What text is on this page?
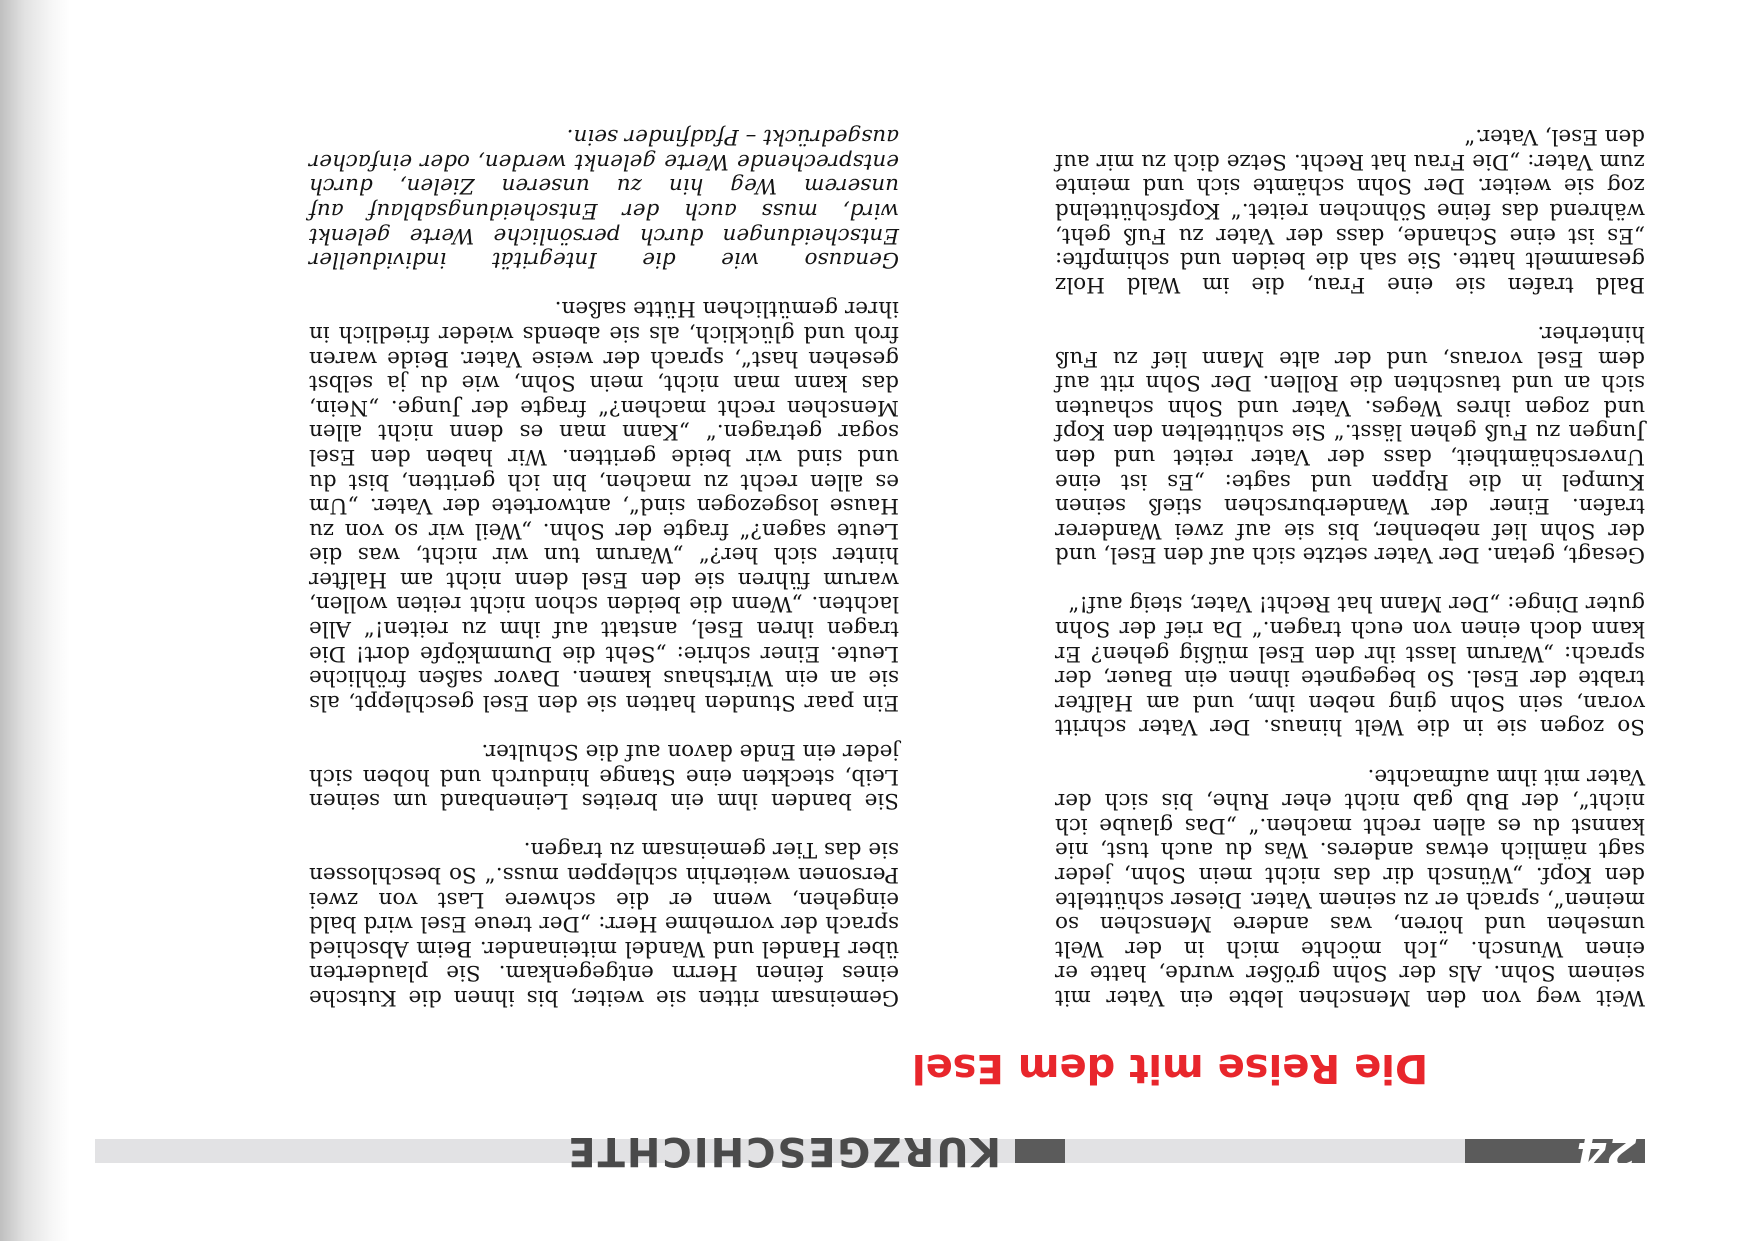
24
KURZGESCHICHTE
Die Reise mit dem Esel

Weit weg von den Menschen lebte ein Vater mit seinem Sohn. Als der Sohn größer wurde, hatte er einen Wunsch. „Ich möchte mich in der Welt umsehen und hören, was andere Menschen so meinen“, sprach er zu seinem Vater. Dieser schüttelte den Kopf. „Wünsch dir das nicht mein Sohn, jeder sagt nämlich etwas anderes. Was du auch tust, nie kannst du es allen recht machen.“ „Das glaube ich nicht“, der Bub gab nicht eher Ruhe, bis sich der Vater mit ihm aufmachte.

So zogen sie in die Welt hinaus. Der Vater schritt voran, sein Sohn ging neben ihm, und am Halfter trabte der Esel. So begegnete ihnen ein Bauer, der sprach: „Warum lasst ihr den Esel müßig gehen? Er kann doch einen von euch tragen.“ Da rief der Sohn guter Dinge: „Der Mann hat Recht! Vater, steig auf!“

Gesagt, getan. Der Vater setzte sich auf den Esel, und der Sohn lief nebenher, bis sie auf zwei Wanderer trafen. Einer der Wanderburschen stieß seinen Kumpel in die Rippen und sagte: „Es ist eine Unverschämtheit, dass der Vater reitet und den Jungen zu Fuß gehen lässt.“ Sie schüttelten den Kopf und zogen ihres Weges. Vater und Sohn schauten sich an und tauschten die Rollen. Der Sohn ritt auf dem Esel voraus, und der alte Mann lief zu Fuß hinterher.

Bald trafen sie eine Frau, die im Wald Holz gesammelt hatte. Sie sah die beiden und schimpfte: „Es ist eine Schande, dass der Vater zu Fuß geht, während das feine Söhnchen reitet.“ Kopfschüttelnd zog sie weiter. Der Sohn schämte sich und meinte zum Vater: „Die Frau hat Recht. Setze dich zu mir auf den Esel, Vater.“

Gemeinsam ritten sie weiter, bis ihnen die Kutsche eines feinen Herrn entgegenkam. Sie plauderten über Handel und Wandel miteinander. Beim Abschied sprach der vornehme Herr: „Der treue Esel wird bald eingehen, wenn er die schwere Last von zwei Personen weiterhin schleppen muss.“ So beschlossen sie das Tier gemeinsam zu tragen.

Sie banden ihm ein breites Leinenband um seinen Leib, steckten eine Stange hindurch und hoben sich jeder ein Ende davon auf die Schulter.

Ein paar Stunden hatten sie den Esel geschleppt, als sie an ein Wirtshaus kamen. Davor saßen fröhliche Leute. Einer schrie: „Seht die Dummköpfe dort! Die tragen ihren Esel, anstatt auf ihm zu reiten!“ Alle lachten. „Wenn die beiden schon nicht reiten wollen, warum führen sie den Esel denn nicht am Halfter hinter sich her?“ „Warum tun wir nicht, was die Leute sagen?“ fragte der Sohn. „Weil wir so von zu Hause losgezogen sind“, antwortete der Vater. „Um es allen recht zu machen, bin ich geritten, bist du und sind wir beide geritten. Wir haben den Esel sogar getragen.“ „Kann man es denn nicht allen Menschen recht machen?“ fragte der Junge. „Nein, das kann man nicht, mein Sohn, wie du ja selbst gesehen hast“, sprach der weise Vater. Beide waren froh und glücklich, als sie abends wieder friedlich in ihrer gemütlichen Hütte saßen.

Genauso wie die Integrität individueller Entscheidungen durch persönliche Werte gelenkt wird, muss auch der Entscheidungsablauf auf unserem Weg hin zu unseren Zielen, durch entsprechende Werte gelenkt werden, oder einfacher ausgedrückt – Pfadfinder sein.
